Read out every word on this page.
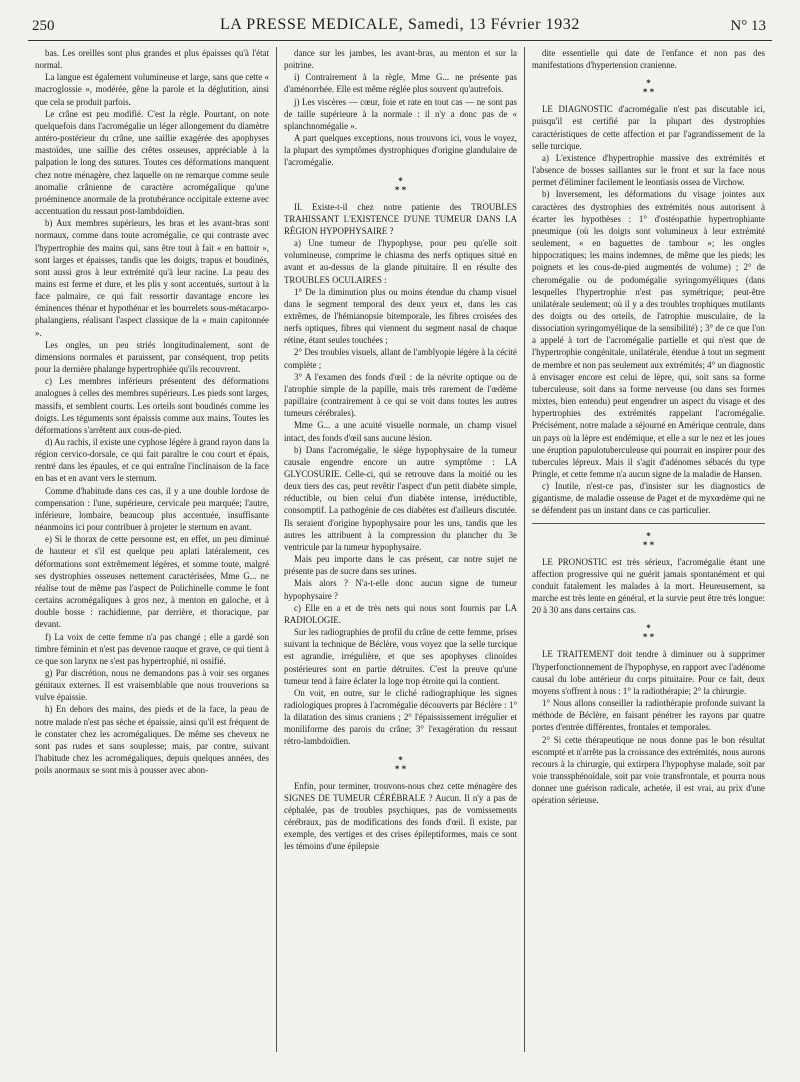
250	LA PRESSE MEDICALE, Samedi, 13 Février 1932	N° 13

bas. Les oreilles sont plus grandes et plus épaisses qu'à l'état normal.

La langue est également volumineuse et large, sans que cette « macroglossie », modérée, gêne la parole et la déglutition, ainsi que cela se produit parfois.

Le crâne est peu modifié. C'est la règle. Pourtant, on note quelquefois dans l'acromégalie un léger allongement du diamètre antéro-postérieur du crâne, une saillie exagérée des apophyses mastoïdes, une saillie des crêtes osseuses, appréciable à la palpation le long des sutures. Toutes ces déformations manquent chez notre ménagère, chez laquelle on ne remarque comme seule anomalie crânienne de caractère acromégalique qu'une proéminence anormale de la protubérance occipitale externe avec accentuation du ressaut post-lambdoïdien.

b) Aux membres supérieurs, les bras et les avant-bras sont normaux, comme dans toute acromégalie, ce qui contraste avec l'hypertrophie des mains qui, sans être tout à fait « en battoir », sont larges et épaisses, tandis que les doigts, trapus et boudinés, sont aussi gros à leur extrémité qu'à leur racine. La peau des mains est ferme et dure, et les plis y sont accentués, surtout à la face palmaire, ce qui fait ressortir davantage encore les éminences thénar et hypothénar et les bourrelets sous-métacarpo-phalangiens, réalisant l'aspect classique de la « main capitonnée ».

Les ongles, un peu striés longitudinalement, sont de dimensions normales et paraissent, par conséquent, trop petits pour la dernière phalange hypertrophiée qu'ils recouvrent.

c) Les membres inférieurs présentent des déformations analogues à celles des membres supérieurs. Les pieds sont larges, massifs, et semblent courts. Les orteils sont boudinés comme les doigts. Les téguments sont épaissis comme aux mains. Toutes les déformations s'arrêtent aux cous-de-pied.

d) Au rachis, il existe une cyphose légère à grand rayon dans la région cervico-dorsale, ce qui fait paraître le cou court et épais, rentré dans les épaules, et ce qui entraîne l'inclinaison de la face en bas et en avant vers le sternum.

Comme d'habitude dans ces cas, il y a une double lordose de compensation : l'une, supérieure, cervicale peu marquée; l'autre, inférieure, lombaire, beaucoup plus accentuée, insuffisante néanmoins ici pour contribuer à projeter le sternum en avant.

e) Si le thorax de cette personne est, en effet, un peu diminué de hauteur et s'il est quelque peu aplati latéralement, ces déformations sont extrêmement légères, et somme toute, malgré ses dystrophies osseuses nettement caractérisées, Mme G... ne réalise tout de même pas l'aspect de Polichinelle comme le font certains acromégaliques à gros nez, à menton en galoche, et à double bosse : rachidienne, par derrière, et thoracique, par devant.

f) La voix de cette femme n'a pas changé ; elle a gardé son timbre féminin et n'est pas devenue rauque et grave, ce qui tient à ce que son larynx ne s'est pas hypertrophié, ni ossifié.

g) Par discrétion, nous ne demandons pas à voir ses organes génitaux externes. Il est vraisemblable que nous trouverions sa vulve épaissie.

h) En dehors des mains, des pieds et de la face, la peau de notre malade n'est pas sèche et épaissie, ainsi qu'il est fréquent de le constater chez les acromégaliques. De même ses cheveux ne sont pas rudes et sans souplesse; mais, par contre, suivant l'habitude chez les acromégaliques, depuis quelques années, des poils anormaux se sont mis à pousser avec abon-

dance sur les jambes, les avant-bras, au menton et sur la poitrine.

i) Contrairement à la règle, Mme G... ne présente pas d'aménorrhée. Elle est même réglée plus souvent qu'autrefois.

j) Les viscères — cœur, foie et rate en tout cas — ne sont pas de taille supérieure à la normale : il n'y a donc pas de « splanchnomégalie ».

A part quelques exceptions, nous trouvons ici, vous le voyez, la plupart des symptômes dystrophiques d'origine glandulaire de l'acromégalie.

*
* *

II. Existe-t-il chez notre patiente des TROUBLES TRAHISSANT L'EXISTENCE D'UNE TUMEUR DANS LA RÉGION HYPOPHYSAIRE ?

a) Une tumeur de l'hypophyse, pour peu qu'elle soit volumineuse, comprime le chiasma des nerfs optiques situé en avant et au-dessus de la glande pituitaire. Il en résulte des TROUBLES OCULAIRES :

1° De la diminution plus ou moins étendue du champ visuel dans le segment temporal des deux yeux et, dans les cas extrêmes, de l'hémianopsie bitemporale, les fibres croisées des nerfs optiques, fibres qui viennent du segment nasal de chaque rétine, étant seules touchées ;

2° Des troubles visuels, allant de l'amblyopie légère à la cécité complète ;

3° A l'examen des fonds d'œil : de la névrite optique ou de l'atrophie simple de la papille, mais très rarement de l'œdème papillaire (contrairement à ce qui se voit dans toutes les autres tumeurs cérébrales).

Mme G... a une acuité visuelle normale, un champ visuel intact, des fonds d'œil sans aucune lésion.

b) Dans l'acromégalie, le siège hypophysaire de la tumeur causale engendre encore un autre symptôme : LA GLYCOSURIE. Celle-ci, qui se retrouve dans la moitié ou les deux tiers des cas, peut revêtir l'aspect d'un petit diabète simple, réductible, ou bien celui d'un diabète intense, irréductible, consomptif. La pathogénie de ces diabètes est d'ailleurs discutée. Ils seraient d'origine hypophysaire pour les uns, tandis que les autres les attribuent à la compression du plancher du 3e ventricule par la tumeur hypophysaire.

Mais peu importe dans le cas présent, car notre sujet ne présente pas de sucre dans ses urines.

Mais alors ? N'a-t-elle donc aucun signe de tumeur hypophysaire ?

c) Elle en a et de très nets qui nous sont fournis par LA RADIOLOGIE.

Sur les radiographies de profil du crâne de cette femme, prises suivant la technique de Béclère, vous voyez que la selle turcique est agrandie, irrégulière, et que ses apophyses clinoïdes postérieures sont en partie détruites. C'est la preuve qu'une tumeur tend à faire éclater la loge trop étroite qui la contient.

On voit, en outre, sur le cliché radiographique les signes radiologiques propres à l'acromégalie découverts par Béclère : 1° la dilatation des sinus craniens ; 2° l'épaississement irrégulier et moniliforme des parois du crâne; 3° l'exagération du ressaut rétro-lambdoïdien.

*
* *

Enfin, pour terminer, trouvons-nous chez cette ménagère des SIGNES DE TUMEUR CÉRÉBRALE ? Aucun. Il n'y a pas de céphalée, pas de troubles psychiques, pas de vomissements cérébraux, pas de modifications des fonds d'œil. Il existe, par exemple, des vertiges et des crises épileptiformes, mais ce sont les témoins d'une épilepsie

dite essentielle qui date de l'enfance et non pas des manifestations d'hypertension cranienne.

*
* *

LE DIAGNOSTIC d'acromégalie n'est pas discutable ici, puisqu'il est certifié par la plupart des dystrophies caractéristiques de cette affection et par l'agrandissement de la selle turcique.

a) L'existence d'hypertrophie massive des extrémités et l'absence de bosses saillantes sur le front et sur la face nous permet d'éliminer facilement le leontiasis ossea de Virchow.

b) Inversement, les déformations du visage jointes aux caractères des dystrophies des extrémités nous autorisent à écarter les hypothèses : 1° d'ostéopathie hypertrophiante pneumique (où les doigts sont volumineux à leur extrémité seulement, « en baguettes de tambour »; les ongles hippocratiques; les mains indemnes, de même que les pieds; les poignets et les cous-de-pied augmentés de volume) ; 2° de cheromégalie ou de podomégalie syringomyéliques (dans lesquelles l'hypertrophie n'est pas symétrique; peut-être unilatérale seulement; où il y a des troubles trophiques mutilants des doigts ou des orteils, de l'atrophie musculaire, de la dissociation syringomyélique de la sensibilité) ; 3° de ce que l'on a appelé à tort de l'acromégalie partielle et qui n'est que de l'hypertrophie congénitale, unilatérale, étendue à tout un segment de membre et non pas seulement aux extrémités; 4° un diagnostic à envisager encore est celui de lèpre, qui, soit sans sa forme tuberculeuse, soit dans sa forme nerveuse (ou dans ses formes mixtes, bien entendu) peut engendrer un aspect du visage et des hypertrophies des extrémités rappelant l'acromégalie. Précisément, notre malade a séjourné en Amérique centrale, dans un pays où la lèpre est endémique, et elle a sur le nez et les joues une éruption papulotuberculeuse qui pourrait en inspirer pour des tubercules lépreux. Mais il s'agit d'adénomes sébacés du type Pringle, et cette femme n'a aucun signe de la maladie de Hansen.

c) Inutile, n'est-ce pas, d'insister sur les diagnostics de gigantisme, de maladie osseuse de Paget et de myxœdème qui ne se défendent pas un instant dans ce cas particulier.

*
* *

LE PRONOSTIC est très sérieux, l'acromégalie étant une affection progressive qui ne guérit jamais spontanément et qui conduit fatalement les malades à la mort. Heureusement, sa marche est très lente en général, et la survie peut être très longue: 20 à 30 ans dans certains cas.

*
* *

LE TRAITEMENT doit tendre à diminuer ou à supprimer l'hyperfonctionnement de l'hypophyse, en rapport avec l'adénome causal du lobe antérieur du corps pituitaire. Pour ce fait, deux moyens s'offrent à nous : 1° la radiothérapie; 2° la chirurgie.

1° Nous allons conseiller la radiothérapie profonde suivant la méthode de Béclère, en faisant pénétrer les rayons par quatre portes d'entrée différentes, frontales et temporales.

2° Si cette thérapeutique ne nous donne pas le bon résultat escompté et n'arrête pas la croissance des extrémités, nous aurons recours à la chirurgie, qui extirpera l'hypophyse malade, soit par voie transsphénoïdale, soit par voie transfrontale, et pourra nous donner une guérison radicale, achetée, il est vrai, au prix d'une opération sérieuse.
